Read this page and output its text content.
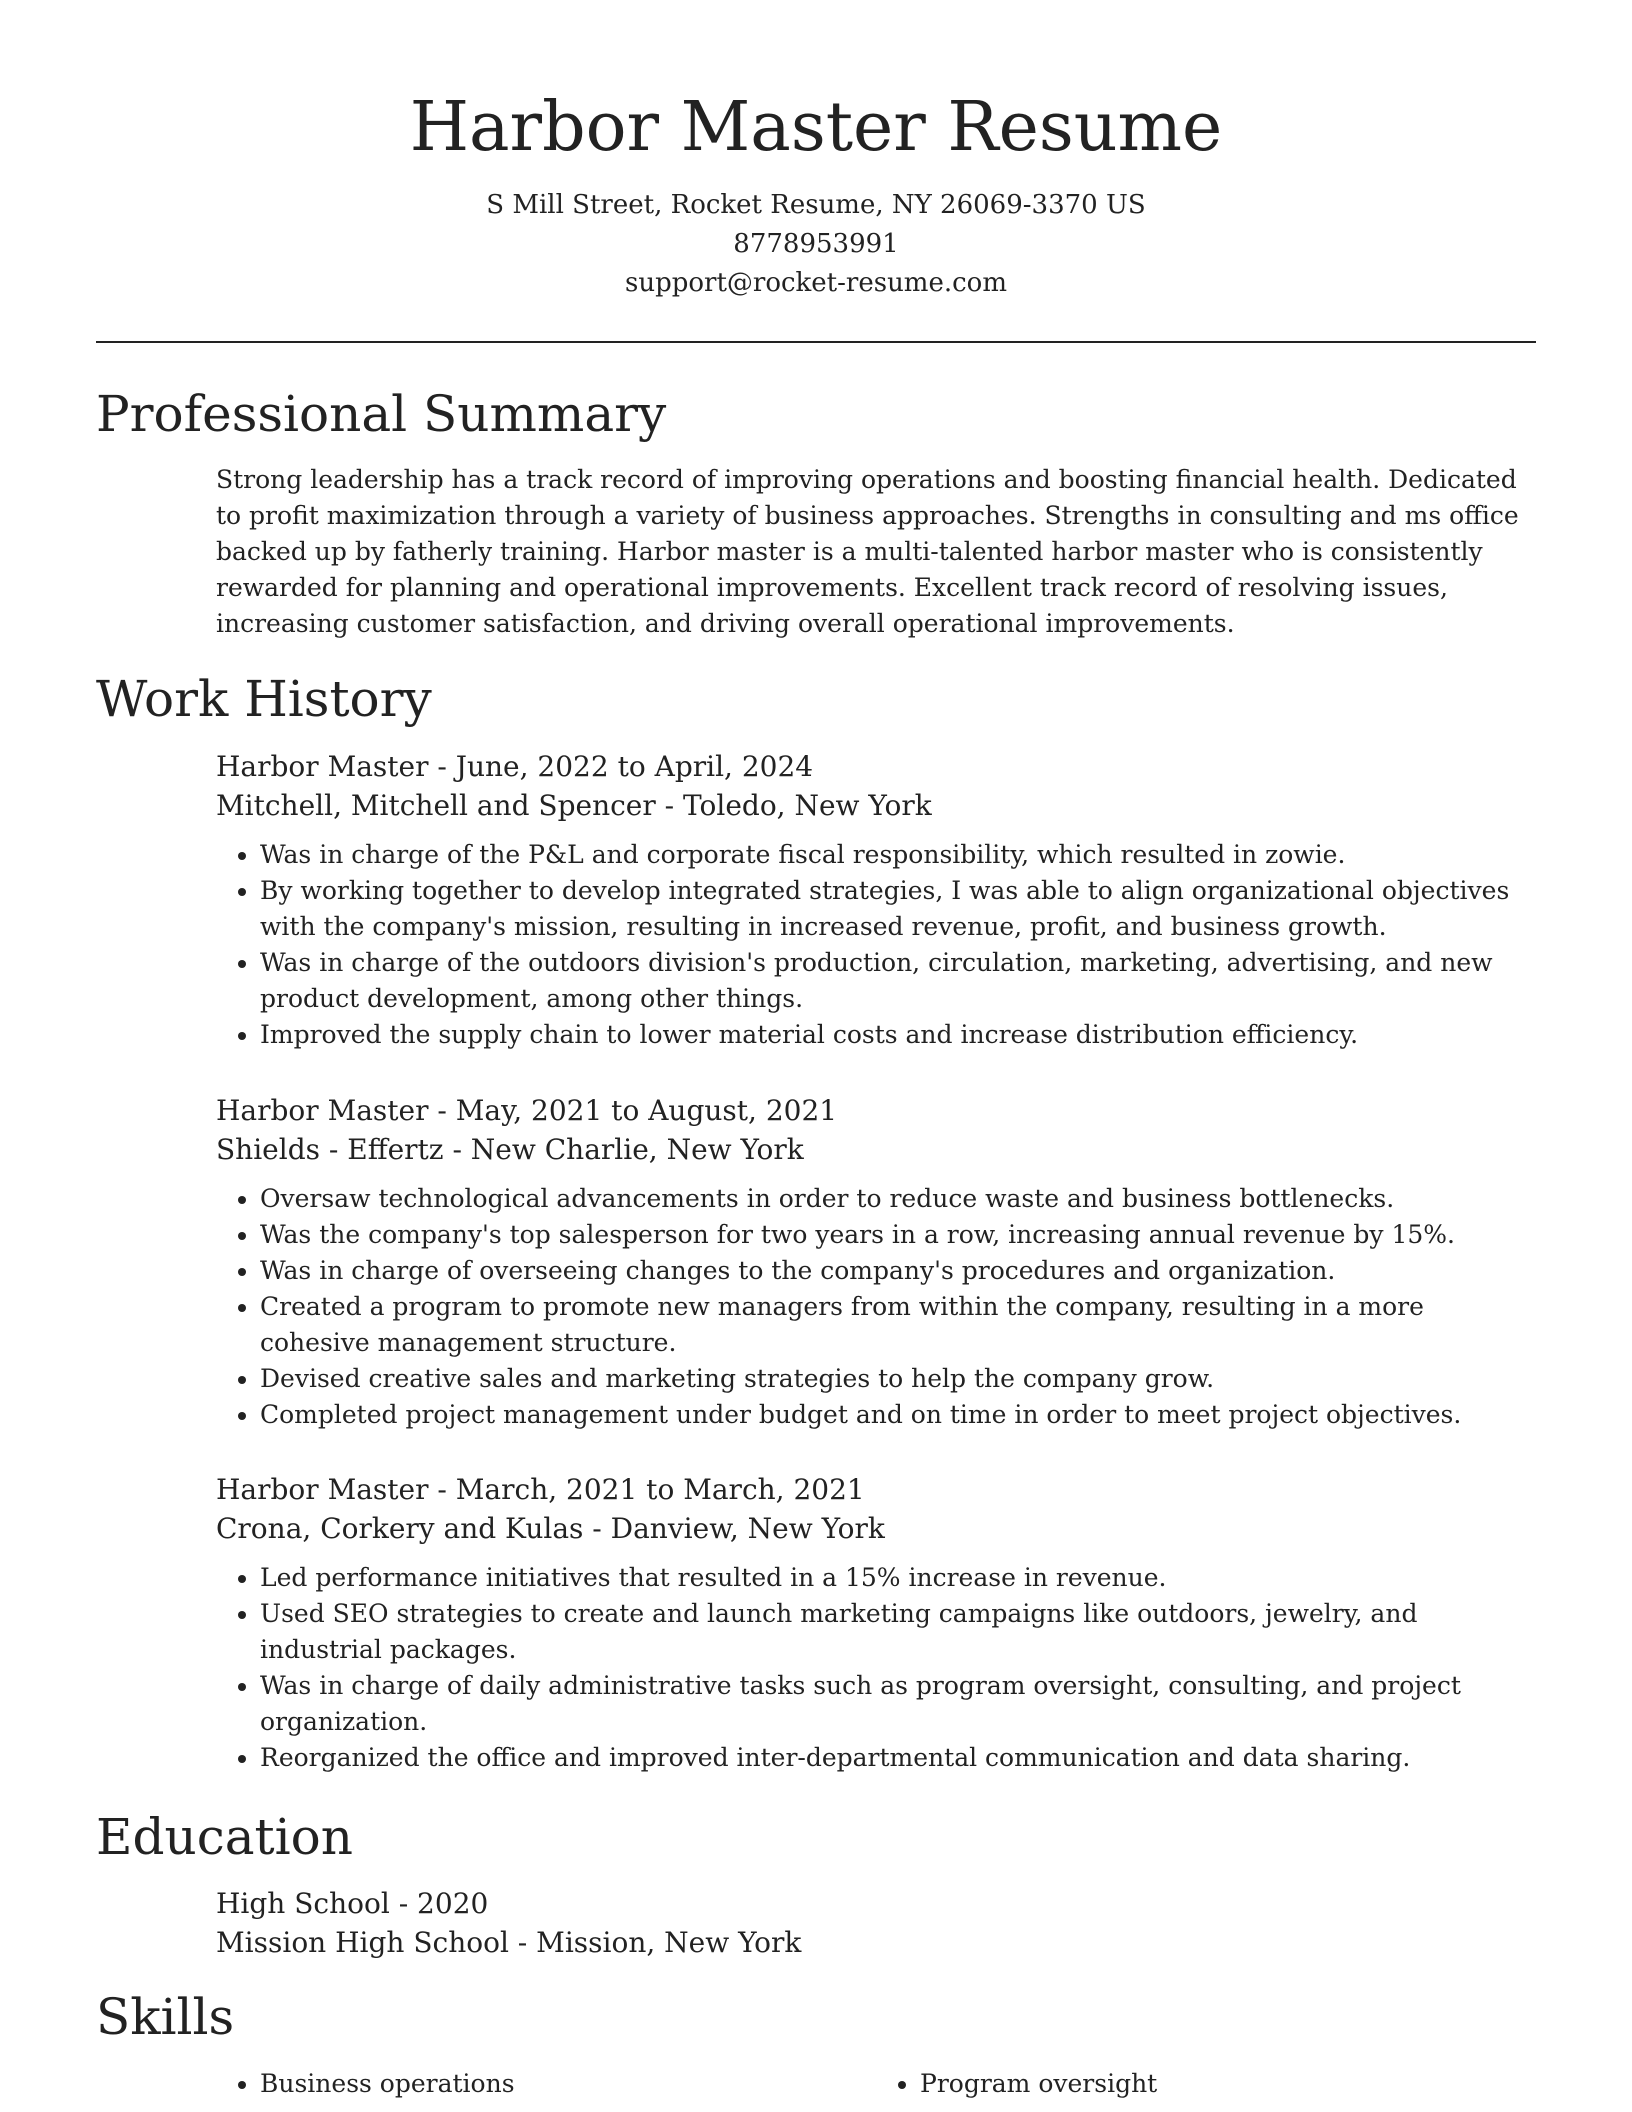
Harbor Master Resume
S Mill Street, Rocket Resume, NY 26069-3370 US
8778953991
support@rocket-resume.com
Professional Summary
Strong leadership has a track record of improving operations and boosting financial health. Dedicated to profit maximization through a variety of business approaches. Strengths in consulting and ms office backed up by fatherly training. Harbor master is a multi-talented harbor master who is consistently rewarded for planning and operational improvements. Excellent track record of resolving issues, increasing customer satisfaction, and driving overall operational improvements.
Work History
Harbor Master - June, 2022 to April, 2024
Mitchell, Mitchell and Spencer - Toledo, New York
• Was in charge of the P&L and corporate fiscal responsibility, which resulted in zowie.
• By working together to develop integrated strategies, I was able to align organizational objectives with the company's mission, resulting in increased revenue, profit, and business growth.
• Was in charge of the outdoors division's production, circulation, marketing, advertising, and new product development, among other things.
• Improved the supply chain to lower material costs and increase distribution efficiency.
Harbor Master - May, 2021 to August, 2021
Shields - Effertz - New Charlie, New York
• Oversaw technological advancements in order to reduce waste and business bottlenecks.
• Was the company's top salesperson for two years in a row, increasing annual revenue by 15%.
• Was in charge of overseeing changes to the company's procedures and organization.
• Created a program to promote new managers from within the company, resulting in a more cohesive management structure.
• Devised creative sales and marketing strategies to help the company grow.
• Completed project management under budget and on time in order to meet project objectives.
Harbor Master - March, 2021 to March, 2021
Crona, Corkery and Kulas - Danview, New York
• Led performance initiatives that resulted in a 15% increase in revenue.
• Used SEO strategies to create and launch marketing campaigns like outdoors, jewelry, and industrial packages.
• Was in charge of daily administrative tasks such as program oversight, consulting, and project organization.
• Reorganized the office and improved inter-departmental communication and data sharing.
Education
High School - 2020
Mission High School - Mission, New York
Skills
• Business operations
•	Program oversight
